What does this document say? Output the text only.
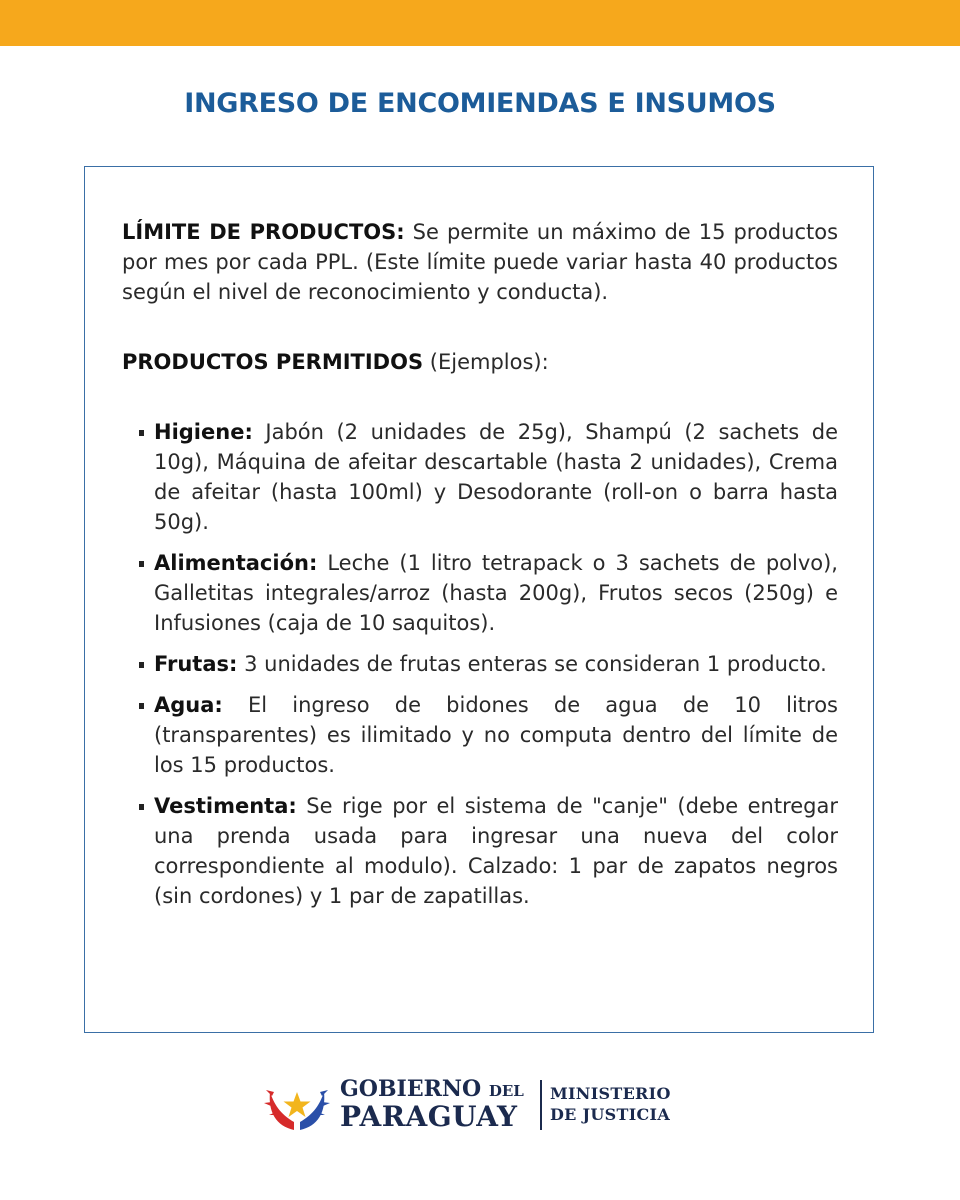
INGRESO DE ENCOMIENDAS E INSUMOS

LÍMITE DE PRODUCTOS: Se permite un máximo de 15 productos por mes por cada PPL. (Este límite puede variar hasta 40 productos según el nivel de reconocimiento y conducta).

PRODUCTOS PERMITIDOS (Ejemplos):

Higiene: Jabón (2 unidades de 25g), Shampú (2 sachets de 10g), Máquina de afeitar descartable (hasta 2 unidades), Crema de afeitar (hasta 100ml) y Desodorante (roll-on o barra hasta 50g).
Alimentación: Leche (1 litro tetrapack o 3 sachets de polvo), Galletitas integrales/arroz (hasta 200g), Frutos secos (250g) e Infusiones (caja de 10 saquitos).
Frutas: 3 unidades de frutas enteras se consideran 1 producto.
Agua: El ingreso de bidones de agua de 10 litros (transparentes) es ilimitado y no computa dentro del límite de los 15 productos.
Vestimenta: Se rige por el sistema de "canje" (debe entregar una prenda usada para ingresar una nueva del color correspondiente al modulo). Calzado: 1 par de zapatos negros (sin cordones) y 1 par de zapatillas.
GOBIERNO DEL
PARAGUAY
MINISTERIO
DE JUSTICIA
